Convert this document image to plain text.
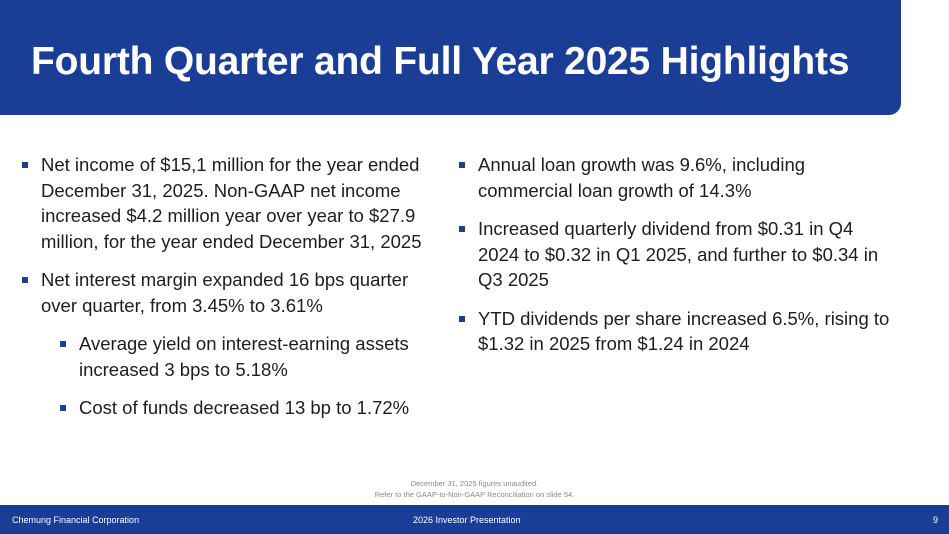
Fourth Quarter and Full Year 2025 Highlights
Net income of $15,1 million for the year ended December 31, 2025. Non-GAAP net income increased $4.2 million year over year to $27.9 million, for the year ended December 31, 2025
Net interest margin expanded 16 bps quarter over quarter, from 3.45% to 3.61%
Average yield on interest-earning assets increased 3 bps to 5.18%
Cost of funds decreased 13 bp to 1.72%
Annual loan growth was 9.6%, including commercial loan growth of 14.3%
Increased quarterly dividend from $0.31 in Q4 2024 to $0.32 in Q1 2025, and further to $0.34 in Q3 2025
YTD dividends per share increased 6.5%, rising to $1.32 in 2025 from $1.24 in 2024
December 31, 2025 figures unaudited.
Refer to the GAAP-to-Non-GAAP Reconciliation on slide 54.
Chemung Financial Corporation	2026 Investor Presentation	9
